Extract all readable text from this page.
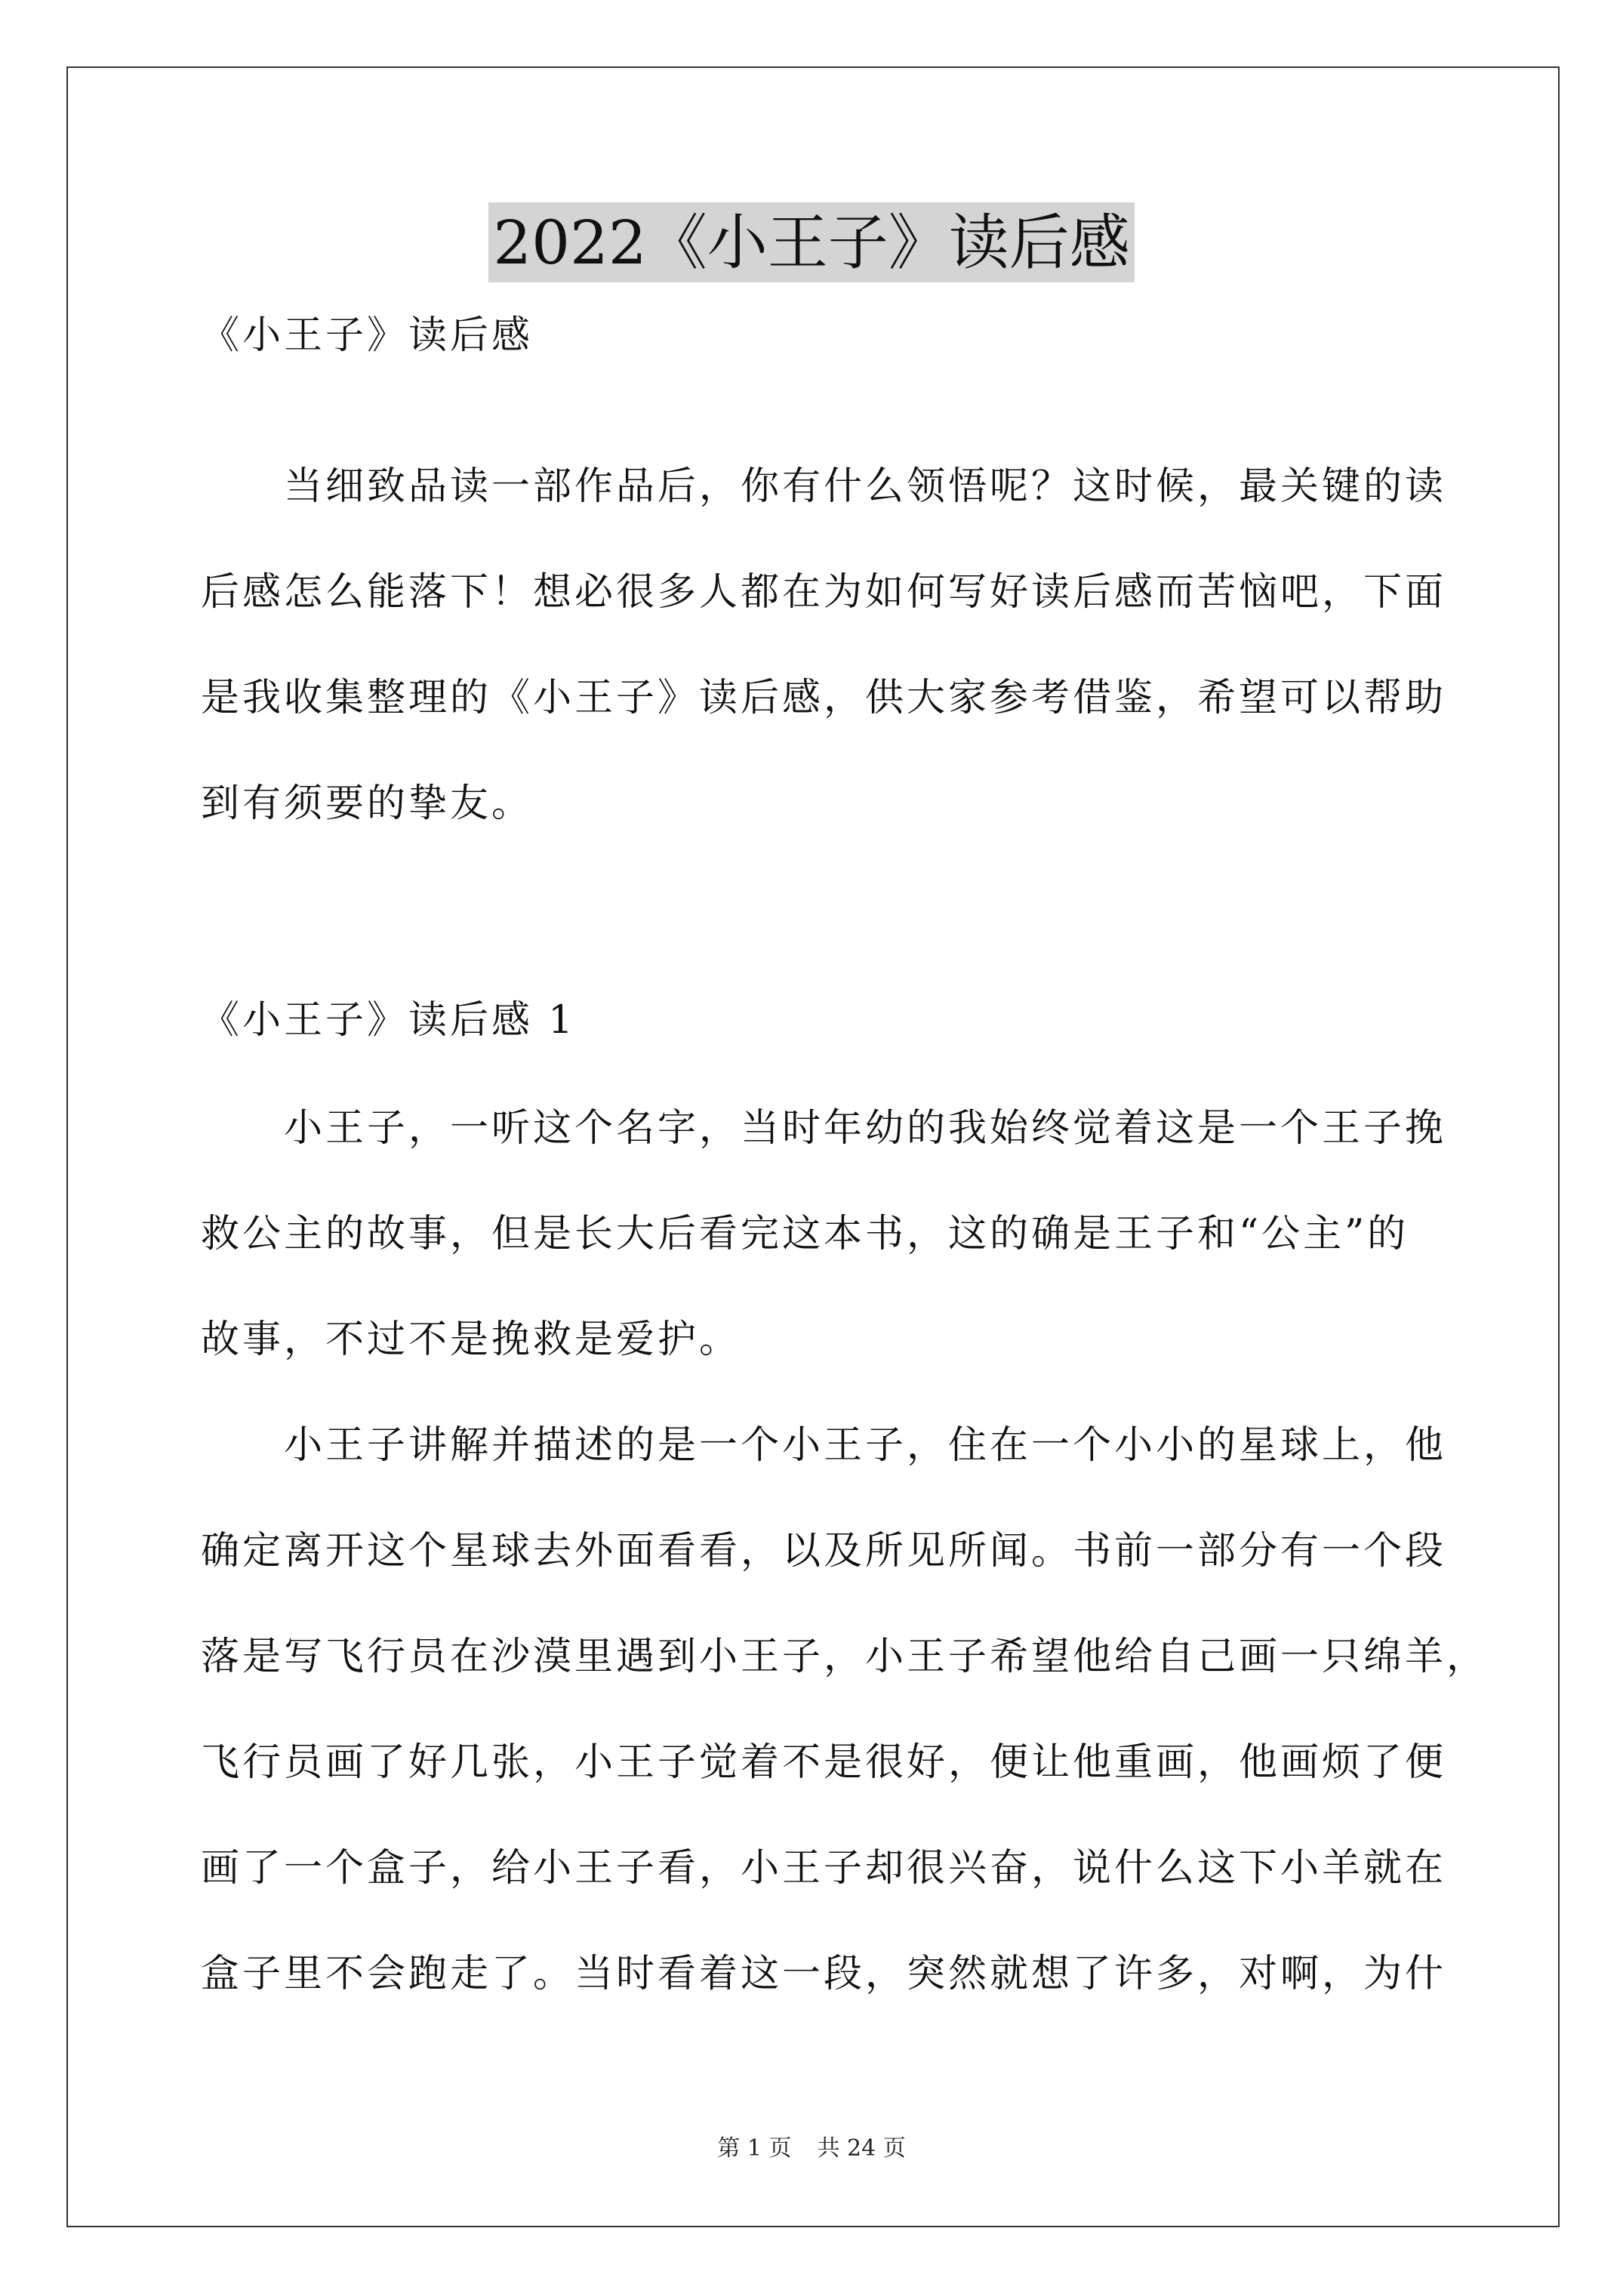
2022《小王子》读后感
《小王子》读后感
　　当细致品读一部作品后，你有什么领悟呢？这时候，最关键的读
后感怎么能落下！想必很多人都在为如何写好读后感而苦恼吧，下面
是我收集整理的《小王子》读后感，供大家参考借鉴，希望可以帮助
到有须要的挚友。
《小王子》读后感 1
　　小王子，一听这个名字，当时年幼的我始终觉着这是一个王子挽
救公主的故事，但是长大后看完这本书，这的确是王子和“公主”的
故事，不过不是挽救是爱护。
　　小王子讲解并描述的是一个小王子，住在一个小小的星球上，他
确定离开这个星球去外面看看，以及所见所闻。书前一部分有一个段
落是写飞行员在沙漠里遇到小王子，小王子希望他给自己画一只绵羊，
飞行员画了好几张，小王子觉着不是很好，便让他重画，他画烦了便
画了一个盒子，给小王子看，小王子却很兴奋，说什么这下小羊就在
盒子里不会跑走了。当时看着这一段，突然就想了许多，对啊，为什
第 1 页 共 24 页
